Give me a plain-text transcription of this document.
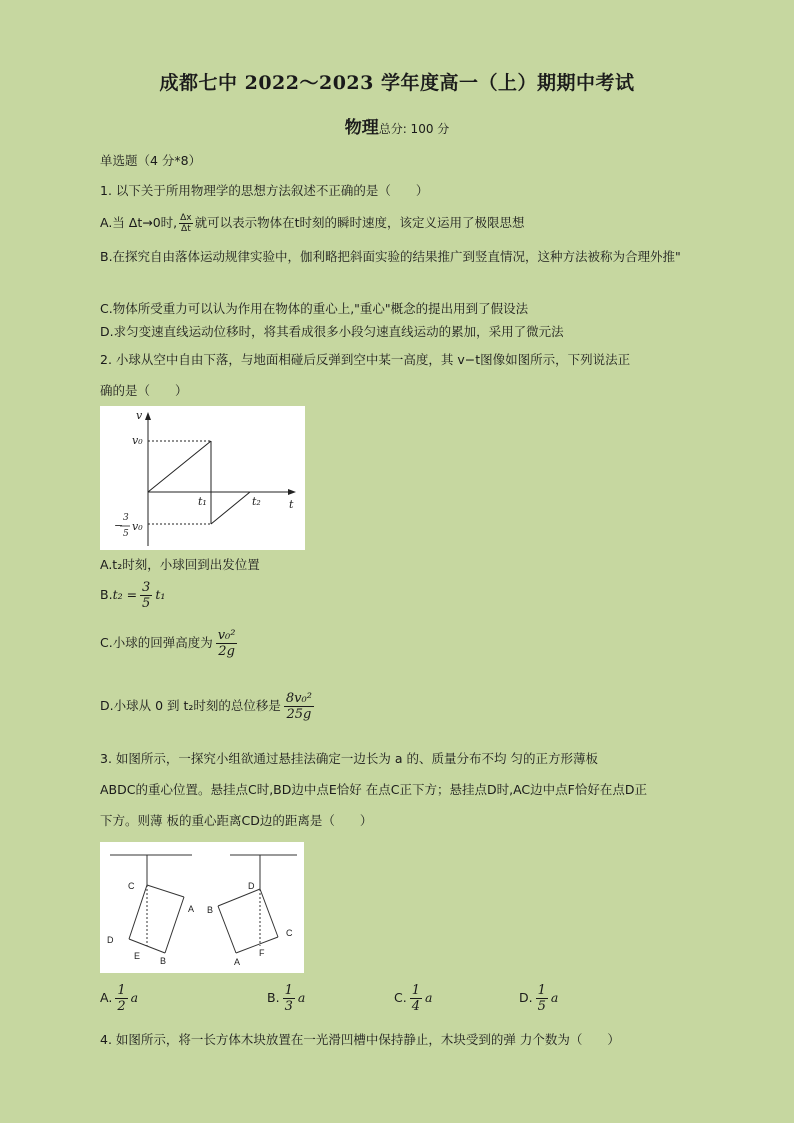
成都七中 2022～2023 学年度高一（上）期期中考试
物理总分: 100 分
单选题（4 分*8）
1. 以下关于所用物理学的思想方法叙述不正确的是（　　）
A.当 Δt→0时, $\frac{\Delta x}{\Delta t}$ 就可以表示物体在t时刻的瞬时速度，该定义运用了极限思想
B.在探究自由落体运动规律实验中，伽利略把斜面实验的结果推广到竖直情况，这种方法被称为合理外推"
C.物体所受重力可以认为作用在物体的重心上,"重心"概念的提出用到了假设法
D.求匀变速直线运动位移时，将其看成很多小段匀速直线运动的累加，采用了微元法
2. 小球从空中自由下落，与地面相碰后反弹到空中某一高度，其 v−t图像如图所示，下列说法正
确的是（　　）
v
t
v₀
−
3
5
v₀
t₁	t₂
A.t₂时刻，小球回到出发位置
$B.t_2 = \frac{3}{5} t_1$
C.小球的回弹高度为 $\frac{\text{v₀²}}{2g}$
D.小球从 0 到 t₂时刻的总位移是 $\frac{\text{8v₀²}}{25g}$
3. 如图所示，一探究小组欲通过悬挂法确定一边长为 a 的、质量分布不均 匀的正方形薄板
ABDC的重心位置。悬挂点C时,BD边中点E恰好 在点C正下方；悬挂点D时,AC边中点F恰好在点D正
下方。则薄 板的重心距离CD边的距离是（　　）
C
A
D
E B
D
B
C
F
A
A. $\frac{1}{2}$ a	B. $\frac{1}{3}$ a	C. $\frac{1}{4}$ a	D. $\frac{1}{5}$ a
4. 如图所示，将一长方体木块放置在一光滑凹槽中保持静止，木块受到的弹 力个数为（　　）
